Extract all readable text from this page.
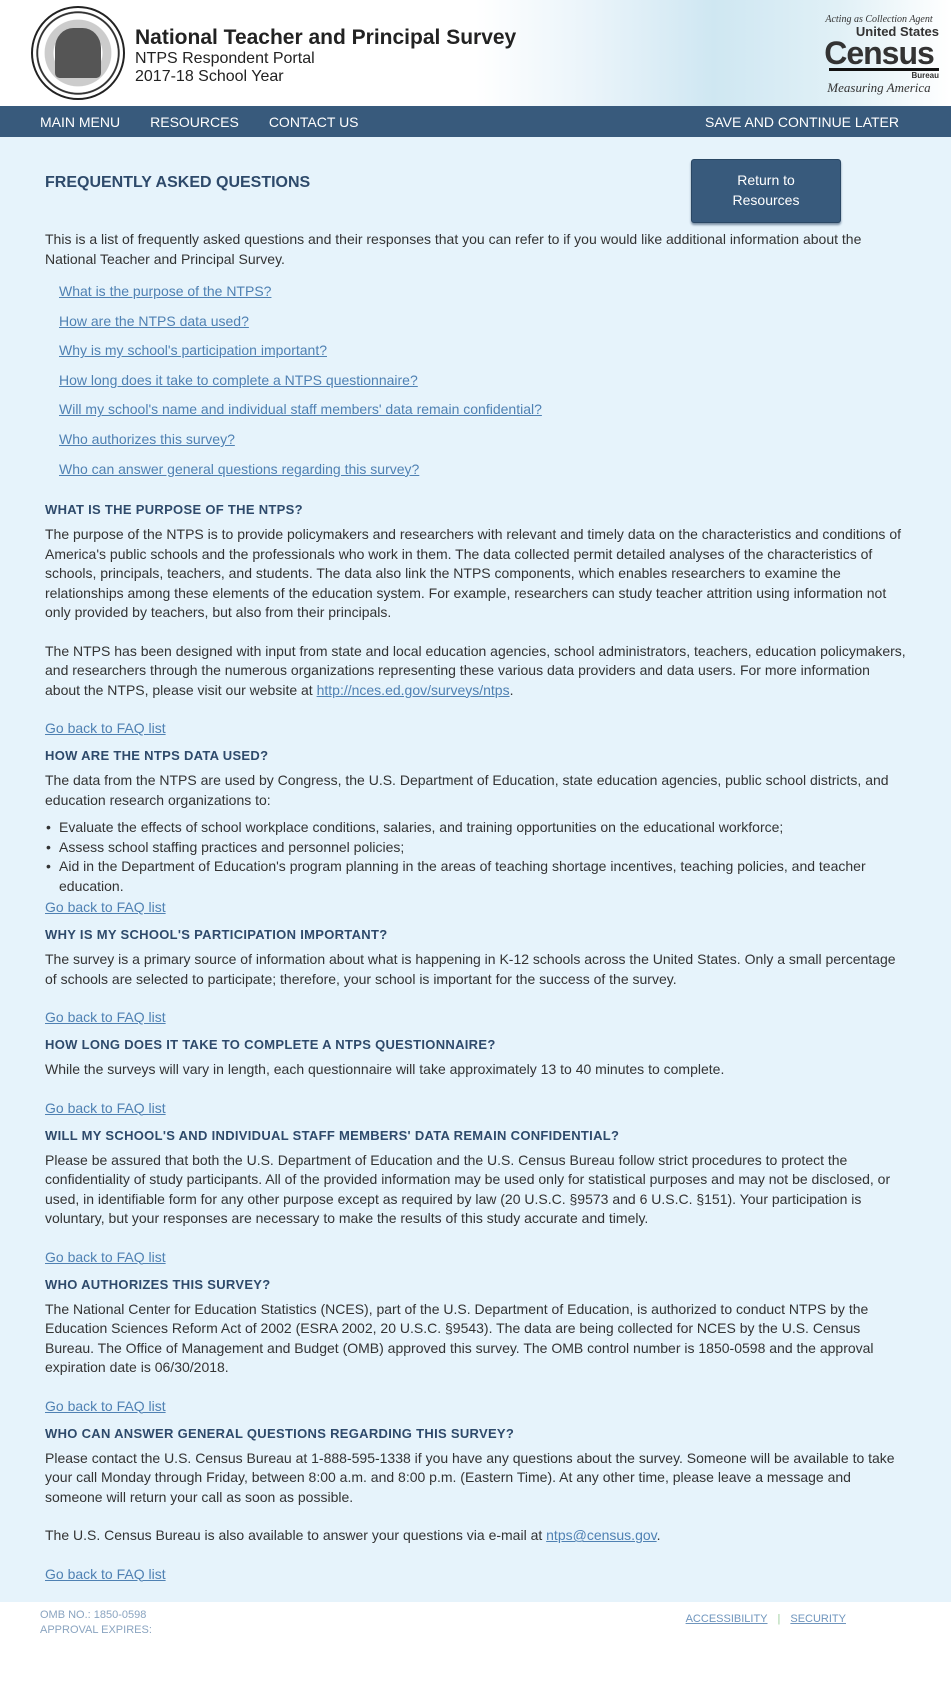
National Teacher and Principal Survey
NTPS Respondent Portal
2017-18 School Year
Acting as Collection Agent
United States
Census
Bureau
Measuring America
MAIN MENU RESOURCES CONTACT US	SAVE AND CONTINUE LATER
FREQUENTLY ASKED QUESTIONS	Return to
Resources

This is a list of frequently asked questions and their responses that you can refer to if you would like additional information about the National Teacher and Principal Survey.

What is the purpose of the NTPS?
How are the NTPS data used?
Why is my school's participation important?
How long does it take to complete a NTPS questionnaire?
Will my school's name and individual staff members' data remain confidential?
Who authorizes this survey?
Who can answer general questions regarding this survey?
WHAT IS THE PURPOSE OF THE NTPS?

The purpose of the NTPS is to provide policymakers and researchers with relevant and timely data on the characteristics and conditions of America's public schools and the professionals who work in them. The data collected permit detailed analyses of the characteristics of schools, principals, teachers, and students. The data also link the NTPS components, which enables researchers to examine the relationships among these elements of the education system. For example, researchers can study teacher attrition using information not only provided by teachers, but also from their principals.

The NTPS has been designed with input from state and local education agencies, school administrators, teachers, education policymakers, and researchers through the numerous organizations representing these various data providers and data users. For more information about the NTPS, please visit our website at http://nces.ed.gov/surveys/ntps.

Go back to FAQ list
HOW ARE THE NTPS DATA USED?

The data from the NTPS are used by Congress, the U.S. Department of Education, state education agencies, public school districts, and education research organizations to:

• Evaluate the effects of school workplace conditions, salaries, and training opportunities on the educational workforce;
• Assess school staffing practices and personnel policies;
• Aid in the Department of Education's program planning in the areas of teaching shortage incentives, teaching policies, and teacher education.
Go back to FAQ list
WHY IS MY SCHOOL'S PARTICIPATION IMPORTANT?

The survey is a primary source of information about what is happening in K-12 schools across the United States. Only a small percentage of schools are selected to participate; therefore, your school is important for the success of the survey.

Go back to FAQ list
HOW LONG DOES IT TAKE TO COMPLETE A NTPS QUESTIONNAIRE?

While the surveys will vary in length, each questionnaire will take approximately 13 to 40 minutes to complete.

Go back to FAQ list
WILL MY SCHOOL'S AND INDIVIDUAL STAFF MEMBERS' DATA REMAIN CONFIDENTIAL?

Please be assured that both the U.S. Department of Education and the U.S. Census Bureau follow strict procedures to protect the confidentiality of study participants. All of the provided information may be used only for statistical purposes and may not be disclosed, or used, in identifiable form for any other purpose except as required by law (20 U.S.C. §9573 and 6 U.S.C. §151). Your participation is voluntary, but your responses are necessary to make the results of this study accurate and timely.

Go back to FAQ list
WHO AUTHORIZES THIS SURVEY?

The National Center for Education Statistics (NCES), part of the U.S. Department of Education, is authorized to conduct NTPS by the Education Sciences Reform Act of 2002 (ESRA 2002, 20 U.S.C. §9543). The data are being collected for NCES by the U.S. Census Bureau. The Office of Management and Budget (OMB) approved this survey. The OMB control number is 1850-0598 and the approval expiration date is 06/30/2018.

Go back to FAQ list
WHO CAN ANSWER GENERAL QUESTIONS REGARDING THIS SURVEY?

Please contact the U.S. Census Bureau at 1-888-595-1338 if you have any questions about the survey. Someone will be available to take your call Monday through Friday, between 8:00 a.m. and 8:00 p.m. (Eastern Time). At any other time, please leave a message and someone will return your call as soon as possible.

The U.S. Census Bureau is also available to answer your questions via e-mail at ntps@census.gov.

Go back to FAQ list
OMB NO.: 1850-0598
APPROVAL EXPIRES:
ACCESSIBILITY | SECURITY
